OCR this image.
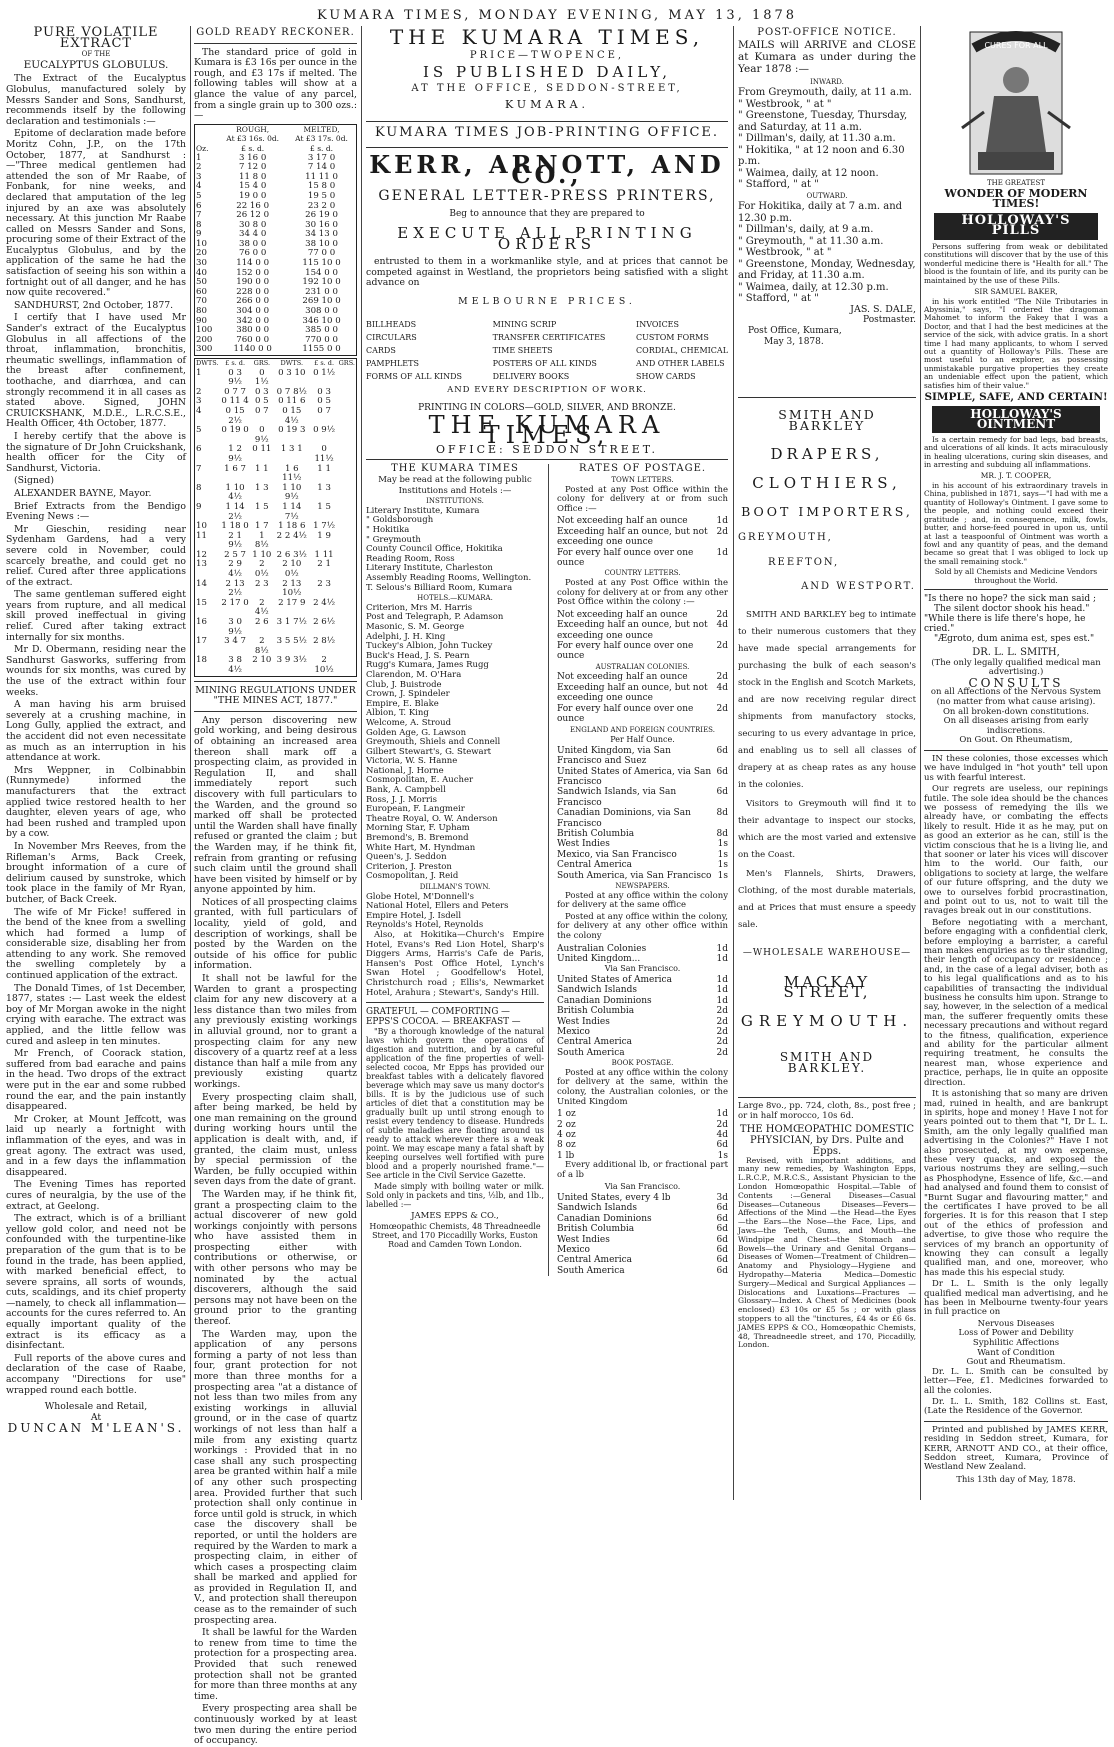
KUMARA TIMES, MONDAY EVENING, MAY 13, 1878
PURE VOLATILE EXTRACT
OF THE
EUCALYPTUS GLOBULUS.

The Extract of the Eucalyptus Globulus, manufactured solely by Messrs Sander and Sons, Sandhurst, recommends itself by the following declaration and testimonials :—

Epitome of declaration made before Moritz Cohn, J.P., on the 17th October, 1877, at Sandhurst :—"Three medical gentlemen had attended the son of Mr Raabe, of Fonbank, for nine weeks, and declared that amputation of the leg injured by an axe was absolutely necessary. At this junction Mr Raabe called on Messrs Sander and Sons, procuring some of their Extract of the Eucalyptus Globulus, and by the application of the same he had the satisfaction of seeing his son within a fortnight out of all danger, and he has now quite recovered."

SANDHURST, 2nd October, 1877.

I certify that I have used Mr Sander's extract of the Eucalyptus Globulus in all affections of the throat, inflammation, bronchitis, rheumatic swellings, inflammation of the breast after confinement, toothache, and diarrhœa, and can strongly recommend it in all cases as stated above. Signed, JOHN CRUICKSHANK, M.D.E., L.R.C.S.E., Health Officer, 4th October, 1877.

I hereby certify that the above is the signature of Dr John Cruickshank, health officer for the City of Sandhurst, Victoria.

(Signed)

ALEXANDER BAYNE, Mayor.

Brief Extracts from the Bendigo Evening News :—

Mr Gieschin, residing near Sydenham Gardens, had a very severe cold in November, could scarcely breathe, and could get no relief. Cured after three applications of the extract.

The same gentleman suffered eight years from rupture, and all medical skill proved ineffectual in giving relief. Cured after taking extract internally for six months.

Mr D. Obermann, residing near the Sandhurst Gasworks, suffering from wounds for six months, was cured by the use of the extract within four weeks.

A man having his arm bruised severely at a crushing machine, in Long Gully, applied the extract, and the accident did not even necessitate as much as an interruption in his attendance at work.

Mrs Weppner, in Colbinabbin (Runnymede) informed the manufacturers that the extract applied twice restored health to her daughter, eleven years of age, who had been rushed and trampled upon by a cow.

In November Mrs Reeves, from the Rifleman's Arms, Back Creek, brought information of a cure of delirium caused by sunstroke, which took place in the family of Mr Ryan, butcher, of Back Creek.

The wife of Mr Ficke! suffered in the bend of the knee from a swelling which had formed a lump of considerable size, disabling her from attending to any work. She removed the swelling completely by a continued application of the extract.

The Donald Times, of 1st December, 1877, states :— Last week the eldest boy of Mr Morgan awoke in the night crying with earache. The extract was applied, and the little fellow was cured and asleep in ten minutes.

Mr French, of Coorack station, suffered from bad earache and pains in the head. Two drops of the extract were put in the ear and some rubbed round the ear, and the pain instantly disappeared.

Mr Croker, at Mount Jeffcott, was laid up nearly a fortnight with inflammation of the eyes, and was in great agony. The extract was used, and in a few days the inflammation disappeared.

The Evening Times has reported cures of neuralgia, by the use of the extract, at Geelong.

The extract, which is of a brilliant yellow gold color, and need not be confounded with the turpentine-like preparation of the gum that is to be found in the trade, has been applied, with marked beneficial effect, to severe sprains, all sorts of wounds, cuts, scaldings, and its chief property—namely, to check all inflammation—accounts for the cures referred to. An equally important quality of the extract is its efficacy as a disinfectant.

Full reports of the above cures and declaration of the case of Raabe, accompany "Directions for use" wrapped round each bottle.

Wholesale and Retail,
At
DUNCAN M'LEAN'S.
GOLD READY RECKONER.

The standard price of gold in Kumara is £3 16s per ounce in the rough, and £3 17s if melted. The following tables will show at a glance the value of any parcel, from a single grain up to 300 ozs.:—

	ROUGH,
At £3 16s. 0d.	MELTED,
At £3 17s. 0d.
Oz.	£ s. d.	£ s. d.
1	3 16 0	3 17 0
2	7 12 0	7 14 0
3	11 8 0	11 11 0
4	15 4 0	15 8 0
5	19 0 0	19 5 0
6	22 16 0	23 2 0
7	26 12 0	26 19 0
8	30 8 0	30 16 0
9	34 4 0	34 13 0
10	38 0 0	38 10 0
20	76 0 0	77 0 0
30	114 0 0	115 10 0
40	152 0 0	154 0 0
50	190 0 0	192 10 0
60	228 0 0	231 0 0
70	266 0 0	269 10 0
80	304 0 0	308 0 0
90	342 0 0	346 10 0
100	380 0 0	385 0 0
200	760 0 0	770 0 0
300	1140 0 0	1155 0 0
DWTS.	£ s. d.	GRS.	DWTS.	£ s. d.	GRS.
1	0 3 9½	0 1½	0 3 10	0 1½	
2	0 7 7	0 3	0 7 8½	0 3	
3	0 11 4	0 5	0 11 6	0 5	
4	0 15 2½	0 7	0 15 4½	0 7	
5	0 19 0	0 9½	0 19 3	0 9½	
6	1 2 9½	0 11	1 3 1	0 11½	
7	1 6 7	1 1	1 6 11½	1 1	
8	1 10 4½	1 3	1 10 9½	1 3	
9	1 14 2½	1 5	1 14 7½	1 5	
10	1 18 0	1 7	1 18 6	1 7½	
11	2 1 9½	1 8½	2 2 4½	1 9	
12	2 5 7	1 10	2 6 3½	1 11	
13	2 9 4½	2 0½	2 10 0½	2 1	
14	2 13 2½	2 3	2 13 10½	2 3	
15	2 17 0	2 4½	2 17 9	2 4½	
16	3 0 9½	2 6	3 1 7½	2 6½	
17	3 4 7	2 8½	3 5 5½	2 8½	
18	3 8 4½	2 10	3 9 3½	2 10½	
MINING REGULATIONS UNDER "THE MINES ACT, 1877."

Any person discovering new gold working, and being desirous of obtaining an increased area thereon shall mark off a prospecting claim, as provided in Regulation II, and shall immediately report such discovery with full particulars to the Warden, and the ground so marked off shall be protected until the Warden shall have finally refused or granted the claim ; but the Warden may, if he think fit, refrain from granting or refusing such claim until the ground shall have been visited by himself or by anyone appointed by him.

Notices of all prospecting claims granted, with full particulars of locality, yield of gold, and description of workings, shall be posted by the Warden on the outside of his office for public information.

It shall not be lawful for the Warden to grant a prospecting claim for any new discovery at a less distance than two miles from any previously existing workings in alluvial ground, nor to grant a prospecting claim for any new discovery of a quartz reef at a less distance than half a mile from any previously existing quartz workings.

Every prospecting claim shall, after being marked, be held by one man remaining on the ground during working hours until the application is dealt with, and, if granted, the claim must, unless by special permission of the Warden, be fully occupied within seven days from the date of grant.

The Warden may, if he think fit, grant a prospecting claim to the actual discoverer of new gold workings conjointly with persons who have assisted them in prospecting either with contributions or otherwise, or with other persons who may be nominated by the actual discoverers, although the said persons may not have been on the ground prior to the granting thereof.

The Warden may, upon the application of any persons forming a party of not less than four, grant protection for not more than three months for a prospecting area "at a distance of not less than two miles from any existing workings in alluvial ground, or in the case of quartz workings of not less than half a mile from any existing quartz workings : Provided that in no case shall any such prospecting area be granted within half a mile of any other such prospecting area. Provided further that such protection shall only continue in force until gold is struck, in which case the discovery shall be reported, or until the holders are required by the Warden to mark a prospecting claim, in either of which cases a prospecting claim shall be marked and applied for as provided in Regulation II, and V., and protection shall thereupon cease as to the remainder of such prospecting area.

It shall be lawful for the Warden to renew from time to time the protection for a prospecting area. Provided that such renewed protection shall not be granted for more than three months at any time.

Every prospecting area shall be continuously worked by at least two men during the entire period of occupancy.

THE KUMARA TIMES,
PRICE—TWOPENCE,
IS PUBLISHED DAILY,
AT THE OFFICE, SEDDON-STREET,
KUMARA.
KUMARA TIMES JOB-PRINTING OFFICE.
KERR, ARNOTT, AND CO.,
GENERAL LETTER-PRESS PRINTERS,
Beg to announce that they are prepared to
EXECUTE ALL PRINTING ORDERS

entrusted to them in a workmanlike style, and at prices that cannot be competed against in Westland, the proprietors being satisfied with a slight advance on

MELBOURNE PRICES.
BILLHEADS
CIRCULARS
CARDS
PAMPHLETS
FORMS OF ALL KINDS
MINING SCRIP
TRANSFER CERTIFICATES
TIME SHEETS
POSTERS OF ALL KINDS
DELIVERY BOOKS
INVOICES
CUSTOM FORMS
CORDIAL, CHEMICAL
AND OTHER LABELS
SHOW CARDS
AND EVERY DESCRIPTION OF WORK.
PRINTING IN COLORS—GOLD, SILVER, AND BRONZE.
THE KUMARA TIMES,
OFFICE: SEDDON STREET.
THE KUMARA TIMES
May be read at the following public Institutions and Hotels :—
INSTITUTIONS.
Literary Institute, Kumara
" Goldsborough
" Hokitika
" Greymouth
County Council Office, Hokitika
Reading Room, Ross
Literary Institute, Charleston
Assembly Reading Rooms, Wellington.
T. Selous's Billiard Room, Kumara
HOTELS.—KUMARA.
Criterion, Mrs M. Harris
Post and Telegraph, P. Adamson
Masonic, S. M. George
Adelphi, J. H. King
Tuckey's Albion, John Tuckey
Buck's Head, J. S. Pearn
Rugg's Kumara, James Rugg
Clarendon, M. O'Hara
Club, J. Buistrode
Crown, J. Spindeler
Empire, E. Blake
Albion, T. King
Welcome, A. Stroud
Golden Age, G. Lawson
Greymouth, Shiels and Connell
Gilbert Stewart's, G. Stewart
Victoria, W. S. Hanne
National, J. Horne
Cosmopolitan, E. Aucher
Bank, A. Campbell
Ross, J. J. Morris
European, F. Langmeir
Theatre Royal, O. W. Anderson
Morning Star, F. Upham
Bremond's, B. Bremond
White Hart, M. Hyndman
Queen's, J. Seddon
Criterion, J. Preston
Cosmopolitan, J. Reid
DILLMAN'S TOWN.
Globe Hotel, M'Donnell's
National Hotel, Ellers and Peters
Empire Hotel, J. Isdell
Reynolds's Hotel, Reynolds

Also, at Hokitika—Church's Empire Hotel, Evans's Red Lion Hotel, Sharp's Diggers Arms, Harris's Cafe de Paris, Hansen's Post Office Hotel, Lynch's Swan Hotel ; Goodfellow's Hotel, Christchurch road ; Ellis's, Newmarket Hotel, Arahura ; Stewart's, Sandy's Hill.

GRATEFUL — COMFORTING — EPPS'S COCOA. — BREAKFAST —

"By a thorough knowledge of the natural laws which govern the operations of digestion and nutrition, and by a careful application of the fine properties of well-selected cocoa, Mr Epps has provided our breakfast tables with a delicately flavored beverage which may save us many doctor's bills. It is by the judicious use of such articles of diet that a constitution may be gradually built up until strong enough to resist every tendency to disease. Hundreds of subtle maladies are floating around us ready to attack wherever there is a weak point. We may escape many a fatal shaft by keeping ourselves well fortified with pure blood and a properly nourished frame."—See article in the Civil Service Gazette.

Made simply with boiling water or milk. Sold only in packets and tins, ½lb, and 1lb., labelled :—

JAMES EPPS & CO.,
Homœopathic Chemists, 48 Threadneedle Street, and 170 Piccadilly Works, Euston Road and Camden Town London.
RATES OF POSTAGE.
TOWN LETTERS.

Posted at any Post Office within the colony for delivery at or from such Office :—

Not exceeding half an ounce	1d
Exceeding half an ounce, but not exceeding one ounce
2d
For every half ounce over one ounce
1d
COUNTRY LETTERS.

Posted at any Post Office within the colony for delivery at or from any other Post Office within the colony :—

Not exceeding half an ounce	2d
Exceeding half an ounce, but not exceeding one ounce
4d
For every half ounce over one ounce
2d
AUSTRALIAN COLONIES.
Not exceeding half an ounce	2d
Exceeding half an ounce, but not exceeding one ounce
4d
For every half ounce over one ounce
2d
ENGLAND AND FOREIGN COUNTRIES.
Per Half Ounce.
United Kingdom, via San Francisco and Suez
6d
United States of America, via San Francisco
6d
Sandwich Islands, via San Francisco
6d
Canadian Dominions, via San Francisco
8d
British Columbia	8d
West Indies	1s
Mexico, via San Francisco	1s
Central America	1s
South America, via San Francisco 1s
NEWSPAPERS.

Posted at any office within the colony for delivery at the same office

Posted at any office within the colony, for delivery at any other office within the colony

Australian Colonies	1d
United Kingdom...	1d
Via San Francisco.
United States of America	1d
Sandwich Islands	1d
Canadian Dominions	1d
British Columbia	2d
West Indies	2d
Mexico	2d
Central America	2d
South America	2d
BOOK POSTAGE.

Posted at any office within the colony for delivery at the same, within the colony, the Australian colonies, or the United Kingdom

1 oz	1d
2 oz	2d
4 oz	4d
8 oz	6d
1 lb	1s

Every additional lb, or fractional part of a lb

Via San Francisco.
United States, every 4 lb	3d
Sandwich Islands	6d
Canadian Dominions	6d
British Columbia	6d
West Indies	6d
Mexico	6d
Central America	6d
South America	6d
POST-OFFICE NOTICE.

MAILS will ARRIVE and CLOSE at Kumara as under during the Year 1878 :—

INWARD.
From Greymouth, daily, at 11 a.m.
" Westbrook, " at "
" Greenstone, Tuesday, Thursday, and Saturday, at 11 a.m.
" Dillman's, daily, at 11.30 a.m.
" Hokitika, " at 12 noon and 6.30 p.m.
" Waimea, daily, at 12 noon.
" Stafford, " at "
OUTWARD.
For Hokitika, daily at 7 a.m. and 12.30 p.m.
" Dillman's, daily, at 9 a.m.
" Greymouth, " at 11.30 a.m.
" Westbrook, " at "
" Greenstone, Monday, Wednesday, and Friday, at 11.30 a.m.
" Waimea, daily, at 12.30 p.m.
" Stafford, " at "
JAS. S. DALE,
Postmaster.
Post Office, Kumara,
May 3, 1878.
SMITH AND BARKLEY
DRAPERS,
CLOTHIERS,
BOOT IMPORTERS,
GREYMOUTH,
REEFTON,
AND WESTPORT.

SMITH AND BARKLEY beg to intimate to their numerous customers that they have made special arrangements for purchasing the bulk of each season's stock in the English and Scotch Markets, and are now receiving regular direct shipments from manufactory stocks, securing to us every advantage in price, and enabling us to sell all classes of drapery at as cheap rates as any house in the colonies.

Visitors to Greymouth will find it to their advantage to inspect our stocks, which are the most varied and extensive on the Coast.

Men's Flannels, Shirts, Drawers, Clothing, of the most durable materials, and at Prices that must ensure a speedy sale.

—WHOLESALE WAREHOUSE—
MACKAY STREET,
GREYMOUTH.
SMITH AND BARKLEY.

Large 8vo., pp. 724, cloth, 8s., post free ; or in half morocco, 10s 6d.

THE HOMŒOPATHIC DOMESTIC PHYSICIAN, by Drs. Pulte and Epps.

Revised, with important additions, and many new remedies, by Washington Epps, L.R.C.P., M.R.C.S., Assistant Physician to the London Homœopathic Hospital.—Table of Contents :—General Diseases—Casual Diseases—Cutaneous Diseases—Fevers—Affections of the Mind —the Head—the Eyes—the Ears—the Nose—the Face, Lips, and Jaws—the Teeth, Gums, and Mouth—the Windpipe and Chest—the Stomach and Bowels—the Urinary and Genital Organs—Diseases of Women—Treatment of Children—Anatomy and Physiology—Hygiene and Hydropathy—Materia Medica—Domestic Surgery—Medical and Surgical Appliances —Dislocations and Luxations—Fractures —Glossary—Index. A Chest of Medicines (book enclosed) £3 10s or £5 5s ; or with glass stoppers to all the "tinctures, £4 4s or £6 6s. JAMES EPPS & CO., Homœopathic Chemists, 48, Threadneedle street, and 170, Piccadilly, London.

CURES FOR ALL
THE GREATEST
WONDER OF MODERN TIMES!
HOLLOWAY'S PILLS

Persons suffering from weak or debilitated constitutions will discover that by the use of this wonderful medicine there is "Health for all." The blood is the fountain of life, and its purity can be maintained by the use of these Pills.

SIR SAMUEL BAKER,

in his work entitled "The Nile Tributaries in Abyssinia," says, "I ordered the dragoman Mahomet to inform the Fakey that I was a Doctor, and that I had the best medicines at the service of the sick, with advice gratis. In a short time I had many applicants, to whom I served out a quantity of Holloway's Pills. These are most useful to an explorer, as possessing unmistakable purgative properties they create an undeniable effect upon the patient, which satisfies him of their value."

SIMPLE, SAFE, AND CERTAIN!
HOLLOWAY'S OINTMENT

Is a certain remedy for bad legs, bad breasts, and ulcerations of all kinds. It acts miraculously in healing ulcerations, curing skin diseases, and in arresting and subduing all inflammations.

MR. J. T. COOPER,

in his account of his extraordinary travels in China, published in 1871, says—"I had with me a quantity of Holloway's Ointment. I gave some to the people, and nothing could exceed their gratitude ; and, in consequence, milk, fowls, butter, and horse-feed poured in upon us, until at last a teaspoonful of Ointment was worth a fowl and any quantity of peas, and the demand became so great that I was obliged to lock up the small remaining stock."

Sold by all Chemists and Medicine Vendors throughout the World.

"Is there no hope? the sick man said ;
The silent doctor shook his head."
"While there is life there's hope, he cried."
"Ægroto, dum anima est, spes est."
DR. L. L. SMITH,
(The only legally qualified medical man advertising.)
CONSULTS
on all Affections of the Nervous System (no matter from what cause arising).
On all broken-down constitutions.
On all diseases arising from early indiscretions.
On Gout. On Rheumatism,

IN these colonies, those excesses which we have indulged in "hot youth" tell upon us with fearful interest.

Our regrets are useless, our repinings futile. The sole idea should be the chances we possess of remedying the ills we already have, or combating the effects likely to result. Hide it as he may, put on as good an exterior as he can, still is the victim conscious that he is a living lie, and that sooner or later his vices will discover him to the world. Our faith, our obligations to society at large, the welfare of our future offspring, and the duty we owe to ourselves forbid procrastination, and point out to us, not to wait till the ravages break out in our constitutions.

Before negotiating with a merchant, before engaging with a confidential clerk, before employing a barrister, a careful man makes enquiries as to their standing, their length of occupancy or residence ; and, in the case of a legal adviser, both as to his legal qualifications and as to his capabilities of transacting the individual business he consults him upon. Strange to say, however, in the selection of a medical man, the sufferer frequently omits these necessary precautions and without regard to the fitness, qualification, experience and ability for the particular ailment requiring treatment, he consults the nearest man, whose experience and practice, perhaps, lie in quite an opposite direction.

It is astonishing that so many are driven mad, ruined in health, and are bankrupt in spirits, hope and money ! Have I not for years pointed out to them that "I, Dr L. L. Smith, am the only legally qualified man advertising in the Colonies?" Have I not also prosecuted, at my own expense, these very quacks, and exposed the various nostrums they are selling,—such as Phosphodyne, Essence of life, &c.—and had analysed and found them to consist of "Burnt Sugar and flavouring matter," and the certificates I have proved to be all forgeries. It is for this reason that I step out of the ethics of profession and advertise, to give those who require the services of my branch an opportunity of knowing they can consult a legally qualified man, and one, moreover, who has made this his especial study.

Dr L. L. Smith is the only legally qualified medical man advertising, and he has been in Melbourne twenty-four years in full practice on

Nervous Diseases
Loss of Power and Debility
Syphilitic Affections
Want of Condition
Gout and Rheumatism.

Dr. L. L. Smith can be consulted by letter—Fee, £1. Medicines forwarded to all the colonies.

Dr. L. L. Smith, 182 Collins st. East, (Late the Residence of the Governor.

Printed and published by JAMES KERR, residing in Seddon street, Kumara, for KERR, ARNOTT AND CO., at their office, Seddon street, Kumara, Province of Westland New Zealand.

This 13th day of May, 1878.
